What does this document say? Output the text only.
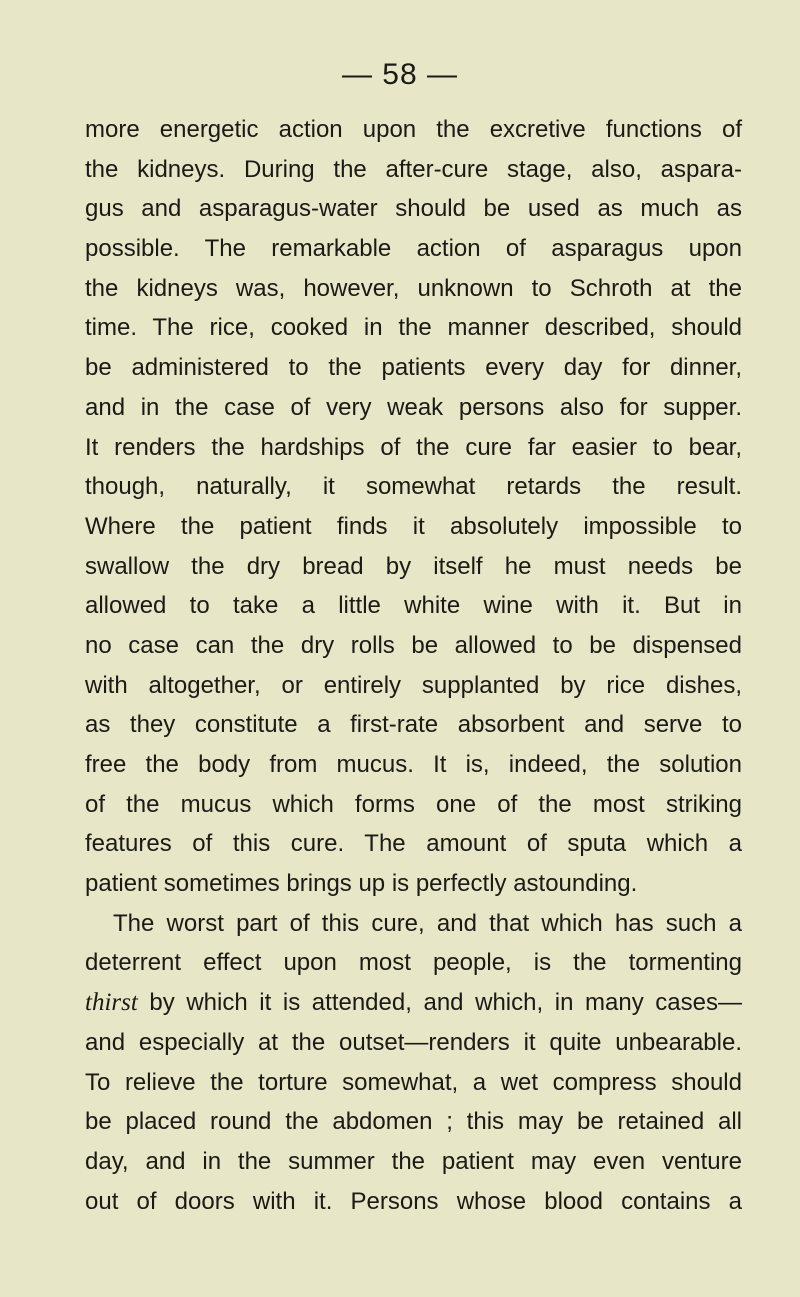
— 58 —
more energetic action upon the excretive functions of
the kidneys. During the after-cure stage, also, aspara-
gus and asparagus-water should be used as much as
possible. The remarkable action of asparagus upon
the kidneys was, however, unknown to Schroth at the
time. The rice, cooked in the manner described, should
be administered to the patients every day for dinner,
and in the case of very weak persons also for supper.
It renders the hardships of the cure far easier to bear,
though, naturally, it somewhat retards the result.
Where the patient finds it absolutely impossible to
swallow the dry bread by itself he must needs be
allowed to take a little white wine with it. But in
no case can the dry rolls be allowed to be dispensed
with altogether, or entirely supplanted by rice dishes,
as they constitute a first-rate absorbent and serve to
free the body from mucus. It is, indeed, the solution
of the mucus which forms one of the most striking
features of this cure. The amount of sputa which a
patient sometimes brings up is perfectly astounding.
The worst part of this cure, and that which has such a
deterrent effect upon most people, is the tormenting
thirst by which it is attended, and which, in many cases—
and especially at the outset—renders it quite unbearable.
To relieve the torture somewhat, a wet compress should
be placed round the abdomen ; this may be retained all
day, and in the summer the patient may even venture
out of doors with it. Persons whose blood contains a
